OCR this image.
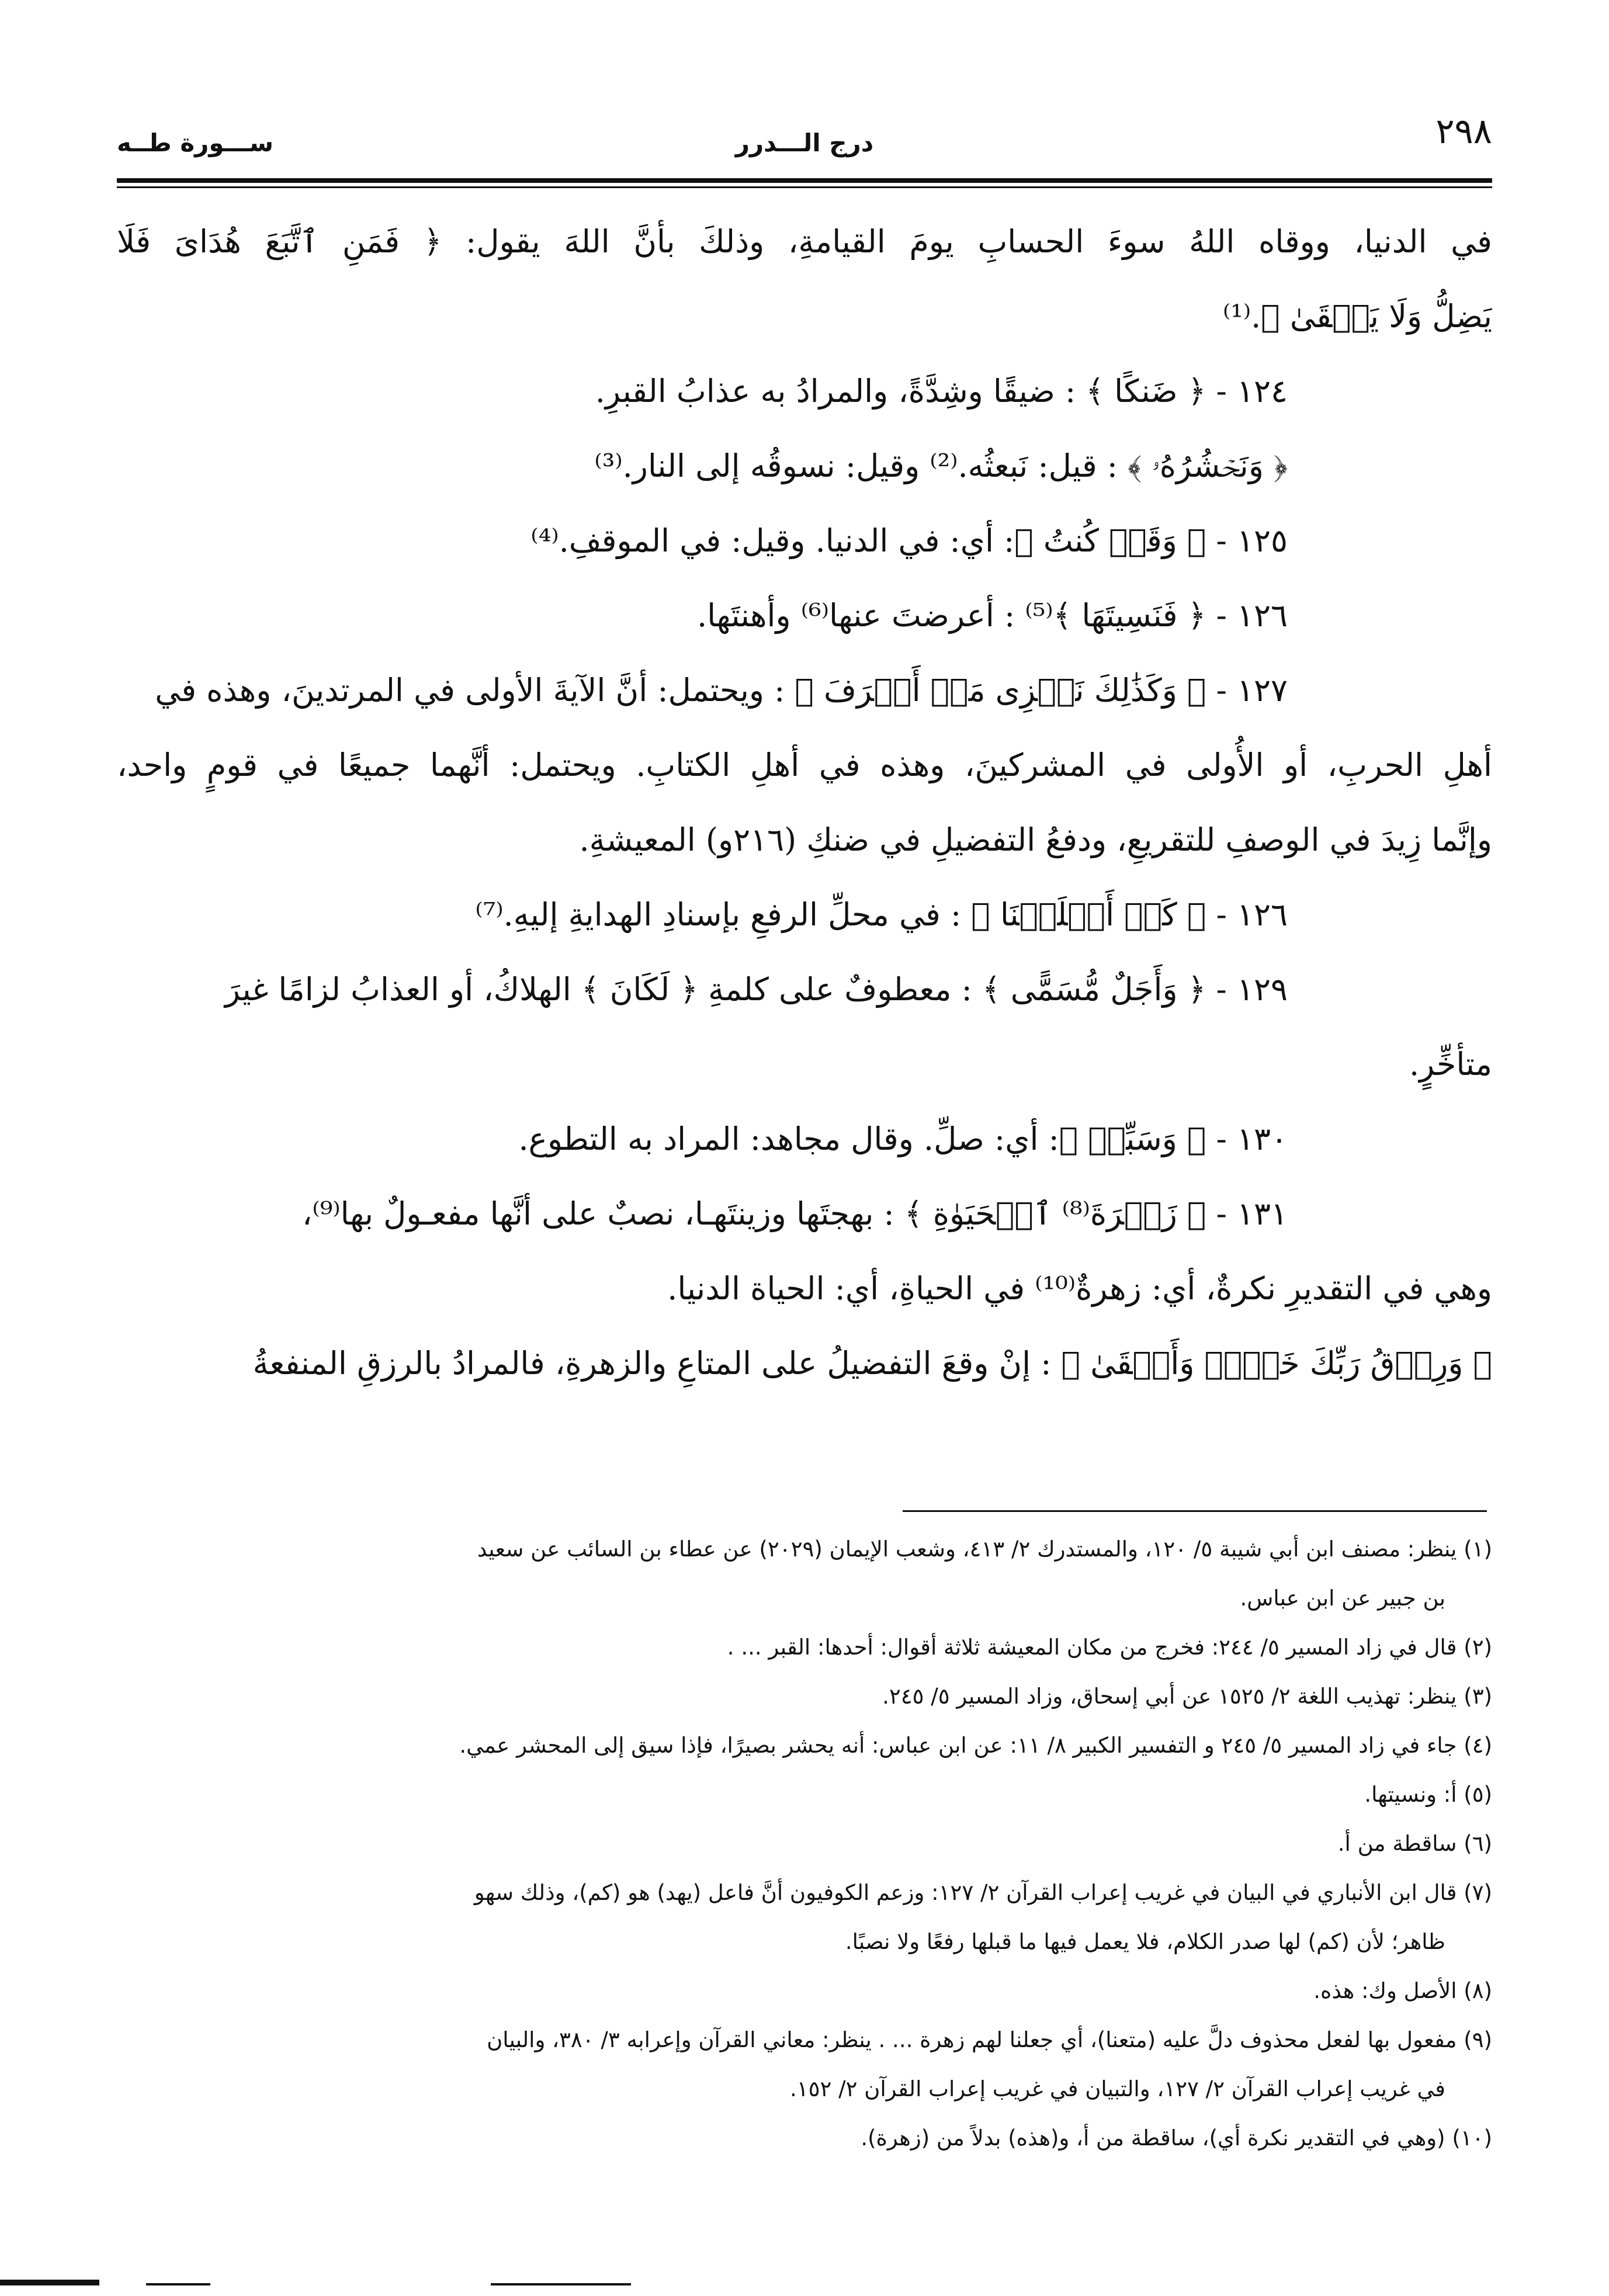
٢٩٨
درج الـــدرر
ســـورة طــه
في الدنيا، ووقاه اللهُ سوءَ الحسابِ يومَ القيامةِ، وذلكَ بأنَّ اللهَ يقول: ﴿ فَمَنِ ٱتَّبَعَ هُدَاىَ فَلَا
يَضِلُّ وَلَا يَشۡقَىٰ ﴾.⁽¹⁾
١٢٤ - ﴿ ضَنكًا ﴾ : ضيقًا وشِدَّةً، والمرادُ به عذابُ القبرِ.
﴿ وَنَحۡشُرُهُۥ ﴾ : قيل: نَبعثُه.⁽²⁾ وقيل: نسوقُه إلى النار.⁽³⁾
١٢٥ - ﴿ وَقَدۡ كُنتُ ﴾: أي: في الدنيا. وقيل: في الموقفِ.⁽⁴⁾
١٢٦ - ﴿ فَنَسِيتَهَا ﴾⁽⁵⁾ : أعرضتَ عنها⁽⁶⁾ وأهنتَها.
١٢٧ - ﴿ وَكَذَٰلِكَ نَجۡزِى مَنۡ أَسۡرَفَ ﴾ : ويحتمل: أنَّ الآيةَ الأولى في المرتدينَ، وهذه في
أهلِ الحربِ، أو الأُولى في المشركينَ، وهذه في أهلِ الكتابِ. ويحتمل: أنَّهما جميعًا في قومٍ واحد،
وإنَّما زِيدَ في الوصفِ للتقريعِ، ودفعُ التفضيلِ في ضنكِ (٢١٦و) المعيشةِ.
١٢٦ - ﴿ كَمۡ أَهۡلَكۡنَا ﴾ : في محلِّ الرفعِ بإسنادِ الهدايةِ إليهِ.⁽⁷⁾
١٢٩ - ﴿ وَأَجَلٌ مُّسَمًّى ﴾ : معطوفٌ على كلمةِ ﴿ لَكَانَ ﴾ الهلاكُ، أو العذابُ لزامًا غيرَ
متأخِّرٍ.
١٣٠ - ﴿ وَسَبِّحۡ ﴾: أي: صلِّ. وقال مجاهد: المراد به التطوع.
١٣١ - ﴿ زَهۡرَةَ⁽⁸⁾ ٱلۡحَيَوٰةِ ﴾ : بهجتَها وزينتَهـا، نصبٌ على أنَّها مفعـولٌ بها⁽⁹⁾،
وهي في التقديرِ نكرةٌ، أي: زهرةٌ⁽¹⁰⁾ في الحياةِ، أي: الحياة الدنيا.
﴿ وَرِزۡقُ رَبِّكَ خَيۡرٞ وَأَبۡقَىٰ ﴾ : إنْ وقعَ التفضيلُ على المتاعِ والزهرةِ، فالمرادُ بالرزقِ المنفعةُ
(١) ينظر: مصنف ابن أبي شيبة ٥/ ١٢٠، والمستدرك ٢/ ٤١٣، وشعب الإيمان (٢٠٢٩) عن عطاء بن السائب عن سعيد
بن جبير عن ابن عباس.
(٢) قال في زاد المسير ٥/ ٢٤٤: فخرج من مكان المعيشة ثلاثة أقوال: أحدها: القبر ... .
(٣) ينظر: تهذيب اللغة ٢/ ١٥٢٥ عن أبي إسحاق، وزاد المسير ٥/ ٢٤٥.
(٤) جاء في زاد المسير ٥/ ٢٤٥ و التفسير الكبير ٨/ ١١: عن ابن عباس: أنه يحشر بصيرًا، فإذا سيق إلى المحشر عمي.
(٥) أ: ونسيتها.
(٦) ساقطة من أ.
(٧) قال ابن الأنباري في البيان في غريب إعراب القرآن ٢/ ١٢٧: وزعم الكوفيون أنَّ فاعل (يهد) هو (كم)، وذلك سهو
ظاهر؛ لأن (كم) لها صدر الكلام، فلا يعمل فيها ما قبلها رفعًا ولا نصبًا.
(٨) الأصل وك: هذه.
(٩) مفعول بها لفعل محذوف دلَّ عليه (متعنا)، أي جعلنا لهم زهرة ... . ينظر: معاني القرآن وإعرابه ٣/ ٣٨٠، والبيان
في غريب إعراب القرآن ٢/ ١٢٧، والتبيان في غريب إعراب القرآن ٢/ ١٥٢.
(١٠) (وهي في التقدير نكرة أي)، ساقطة من أ، و(هذه) بدلاً من (زهرة).
